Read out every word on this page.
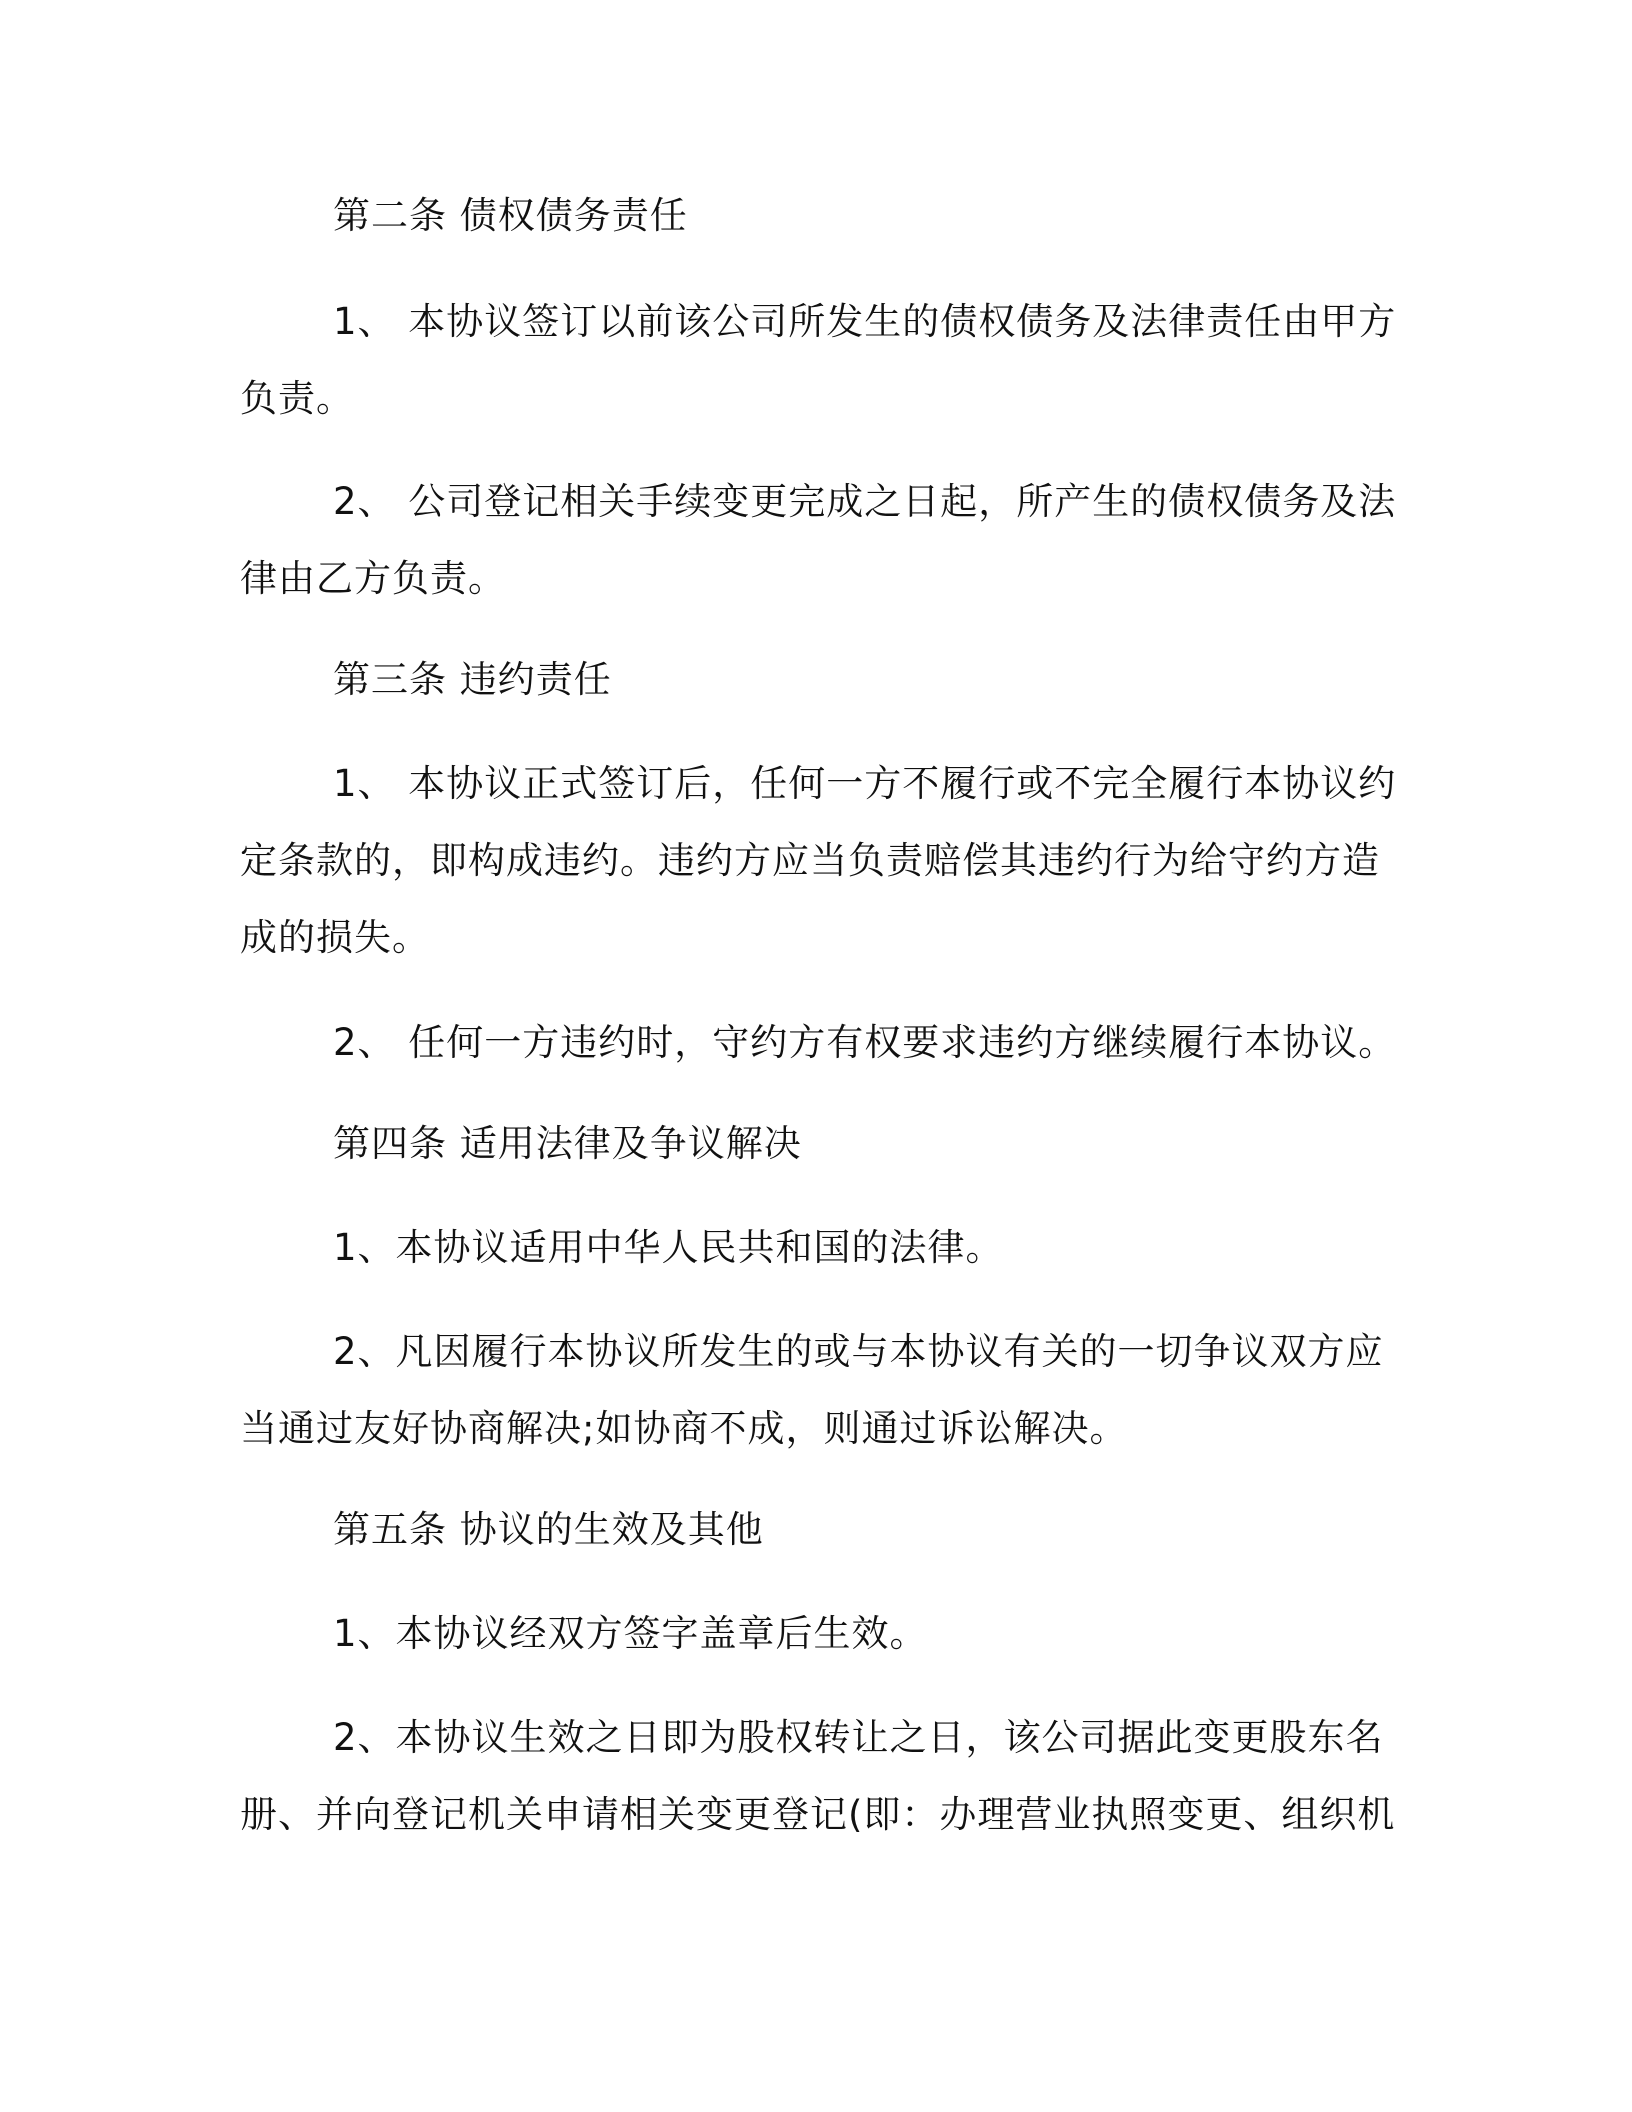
第二条 债权债务责任
1、 本协议签订以前该公司所发生的债权债务及法律责任由甲方
负责。
2、 公司登记相关手续变更完成之日起，所产生的债权债务及法
律由乙方负责。
第三条 违约责任
1、 本协议正式签订后，任何一方不履行或不完全履行本协议约
定条款的，即构成违约。违约方应当负责赔偿其违约行为给守约方造
成的损失。
2、 任何一方违约时，守约方有权要求违约方继续履行本协议。
第四条 适用法律及争议解决
1、本协议适用中华人民共和国的法律。
2、凡因履行本协议所发生的或与本协议有关的一切争议双方应
当通过友好协商解决;如协商不成，则通过诉讼解决。
第五条 协议的生效及其他
1、本协议经双方签字盖章后生效。
2、本协议生效之日即为股权转让之日，该公司据此变更股东名
册、并向登记机关申请相关变更登记(即：办理营业执照变更、组织机
